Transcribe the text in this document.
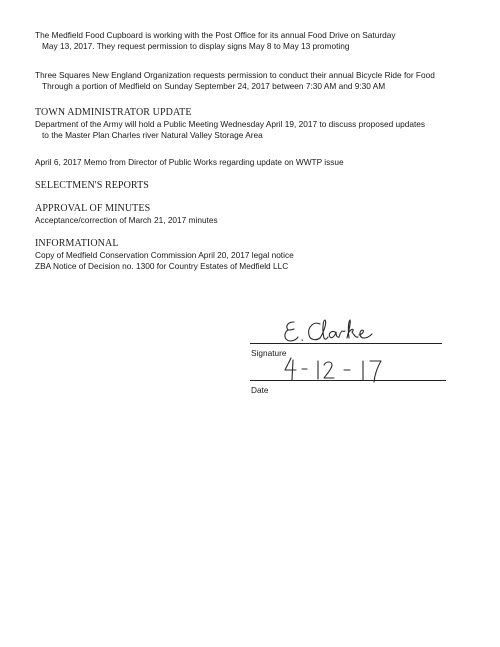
The Medfield Food Cupboard is working with the Post Office for its annual Food Drive on Saturday
May 13, 2017. They request permission to display signs May 8 to May 13 promoting
Three Squares New England Organization requests permission to conduct their annual Bicycle Ride for Food
Through a portion of Medfield on Sunday September 24, 2017 between 7:30 AM and 9:30 AM
TOWN ADMINISTRATOR UPDATE
Department of the Army will hold a Public Meeting Wednesday April 19, 2017 to discuss proposed updates
to the Master Plan Charles river Natural Valley Storage Area
April 6, 2017 Memo from Director of Public Works regarding update on WWTP issue
SELECTMEN'S REPORTS
APPROVAL OF MINUTES
Acceptance/correction of March 21, 2017 minutes
INFORMATIONAL
Copy of Medfield Conservation Commission April 20, 2017 legal notice
ZBA Notice of Decision no. 1300 for Country Estates of Medfield LLC
Signature
Date
